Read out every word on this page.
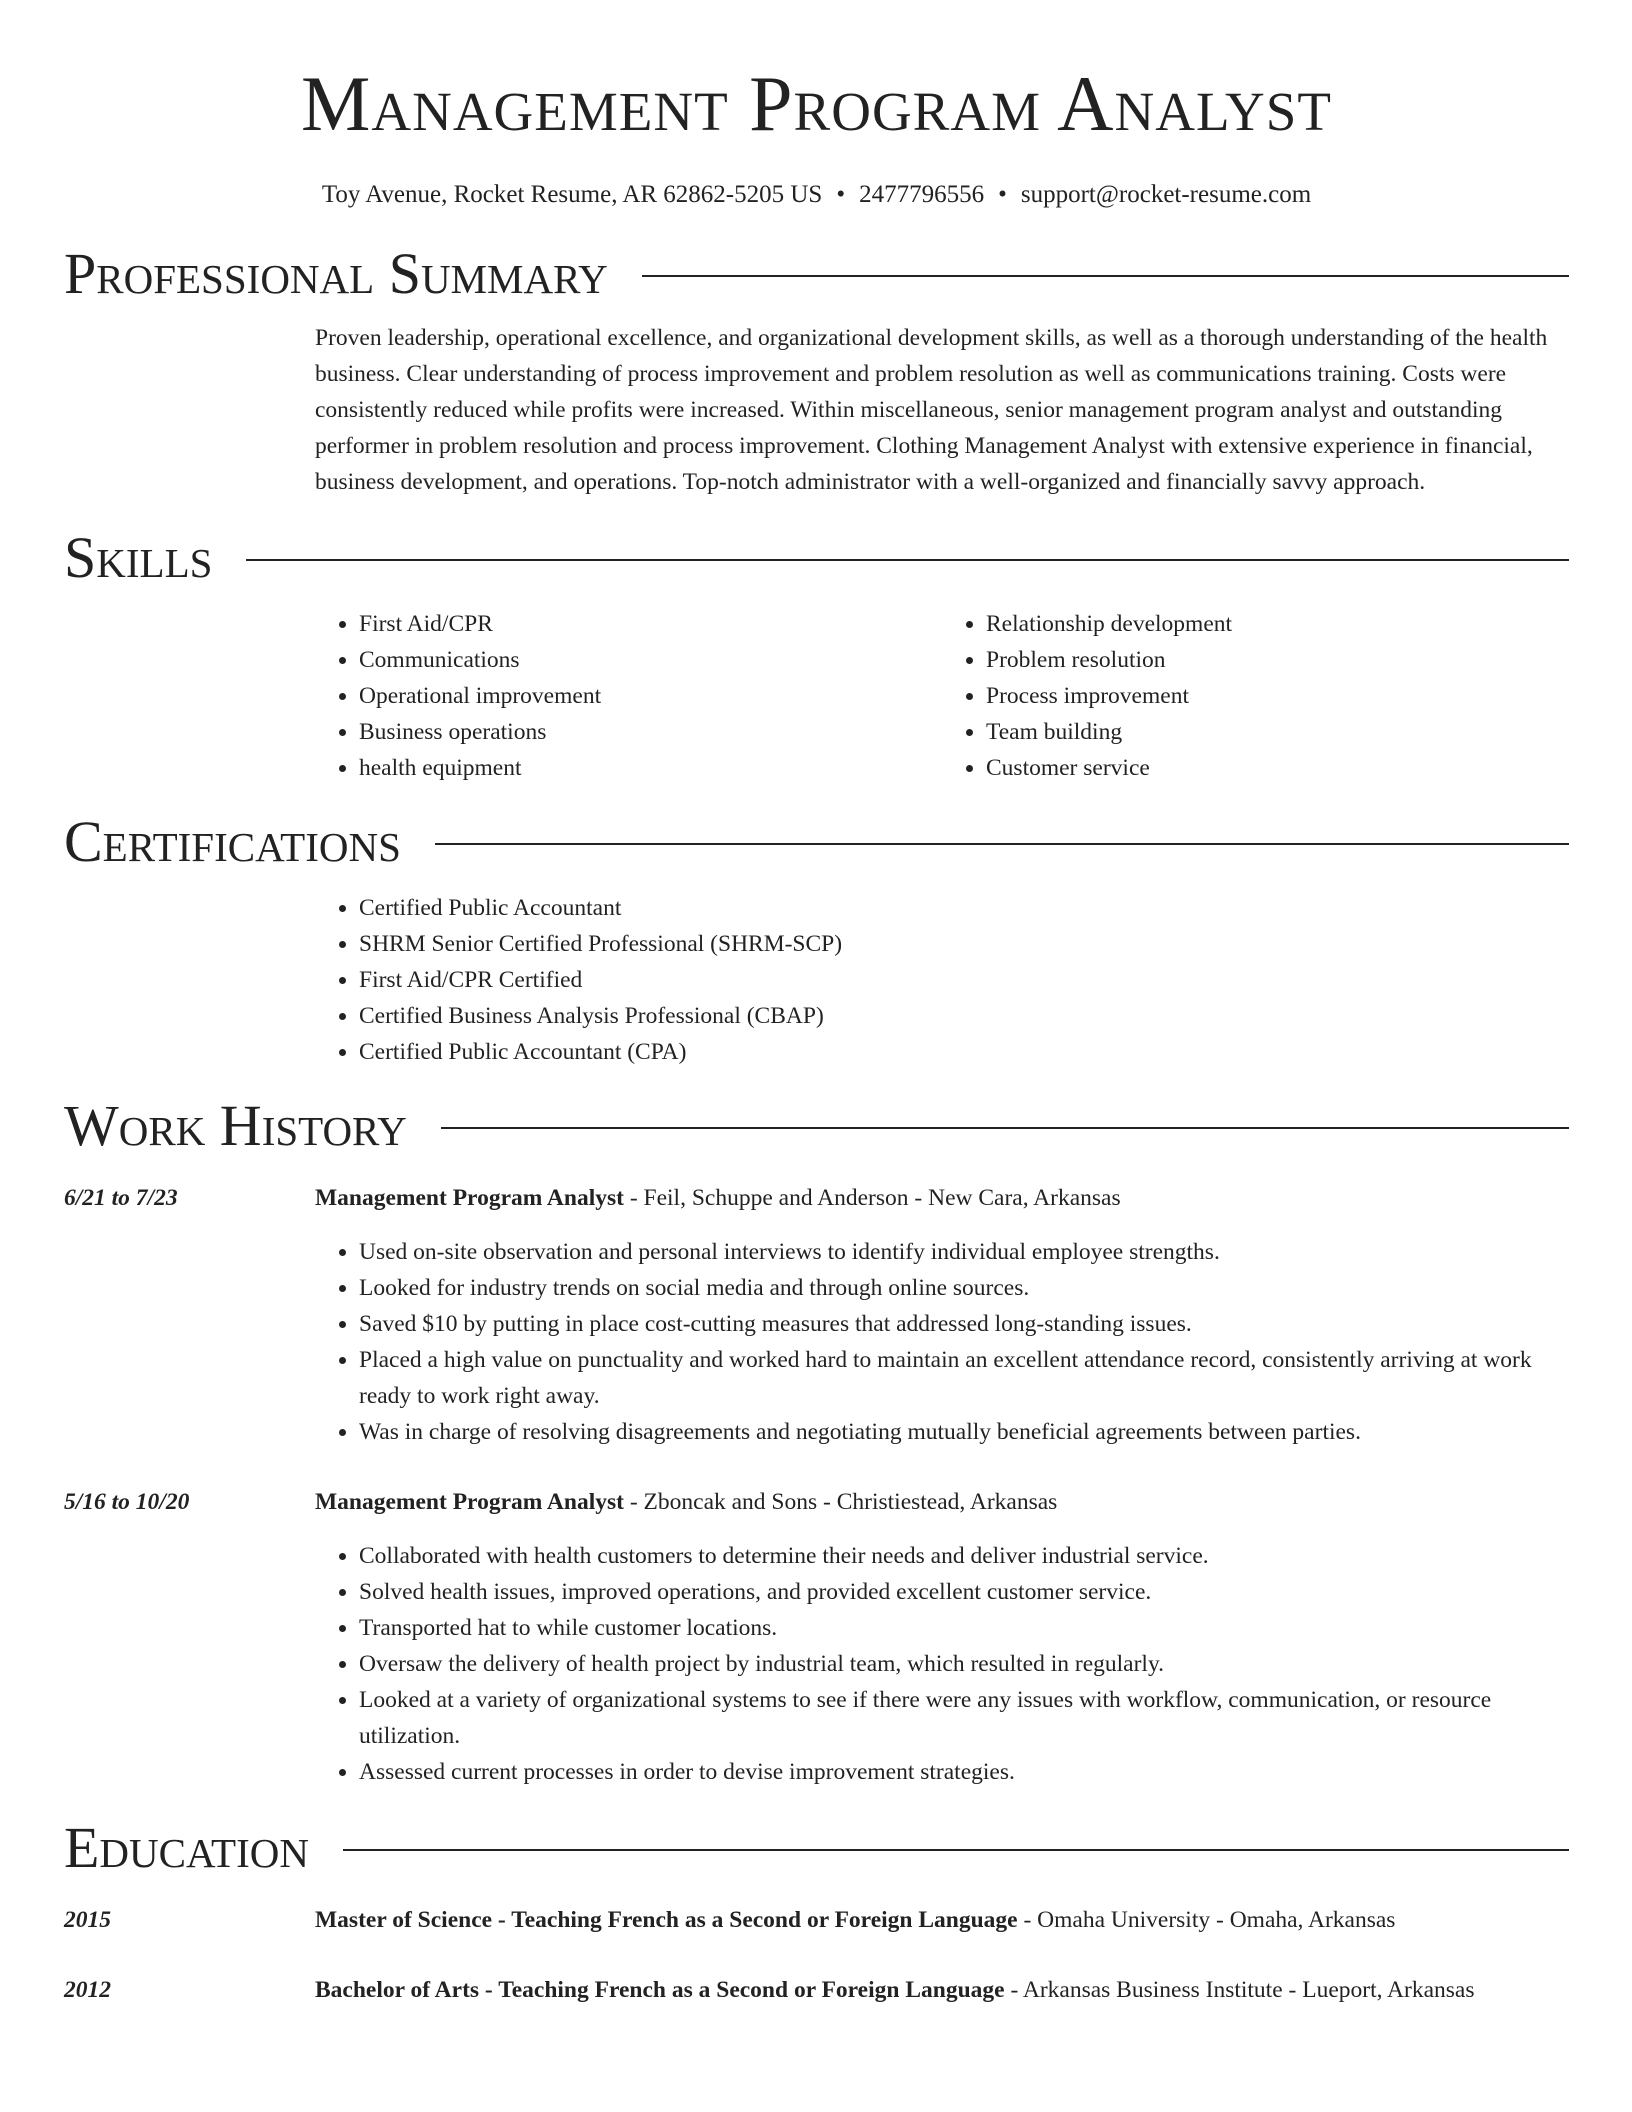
Management Program Analyst
Toy Avenue, Rocket Resume, AR 62862-5205 US • 2477796556 • support@rocket-resume.com
Professional Summary

Proven leadership, operational excellence, and organizational development skills, as well as a thorough understanding of the health business. Clear understanding of process improvement and problem resolution as well as communications training. Costs were consistently reduced while profits were increased. Within miscellaneous, senior management program analyst and outstanding performer in problem resolution and process improvement. Clothing Management Analyst with extensive experience in financial, business development, and operations. Top-notch administrator with a well-organized and financially savvy approach.

Skills
• First Aid/CPR
• Communications
• Operational improvement
• Business operations
• health equipment
• Relationship development
• Problem resolution
• Process improvement
• Team building
• Customer service
Certifications
• Certified Public Accountant
• SHRM Senior Certified Professional (SHRM-SCP)
• First Aid/CPR Certified
• Certified Business Analysis Professional (CBAP)
• Certified Public Accountant (CPA)
Work History
6/21 to 7/23	Management Program Analyst - Feil, Schuppe and Anderson - New Cara, Arkansas
• Used on-site observation and personal interviews to identify individual employee strengths.
• Looked for industry trends on social media and through online sources.
• Saved $10 by putting in place cost-cutting measures that addressed long-standing issues.
• Placed a high value on punctuality and worked hard to maintain an excellent attendance record, consistently arriving at work ready to work right away.
• Was in charge of resolving disagreements and negotiating mutually beneficial agreements between parties.
5/16 to 10/20	Management Program Analyst - Zboncak and Sons - Christiestead, Arkansas
• Collaborated with health customers to determine their needs and deliver industrial service.
• Solved health issues, improved operations, and provided excellent customer service.
• Transported hat to while customer locations.
• Oversaw the delivery of health project by industrial team, which resulted in regularly.
• Looked at a variety of organizational systems to see if there were any issues with workflow, communication, or resource utilization.
• Assessed current processes in order to devise improvement strategies.
Education
2015	Master of Science - Teaching French as a Second or Foreign Language - Omaha University - Omaha, Arkansas
2012	Bachelor of Arts - Teaching French as a Second or Foreign Language - Arkansas Business Institute - Lueport, Arkansas
